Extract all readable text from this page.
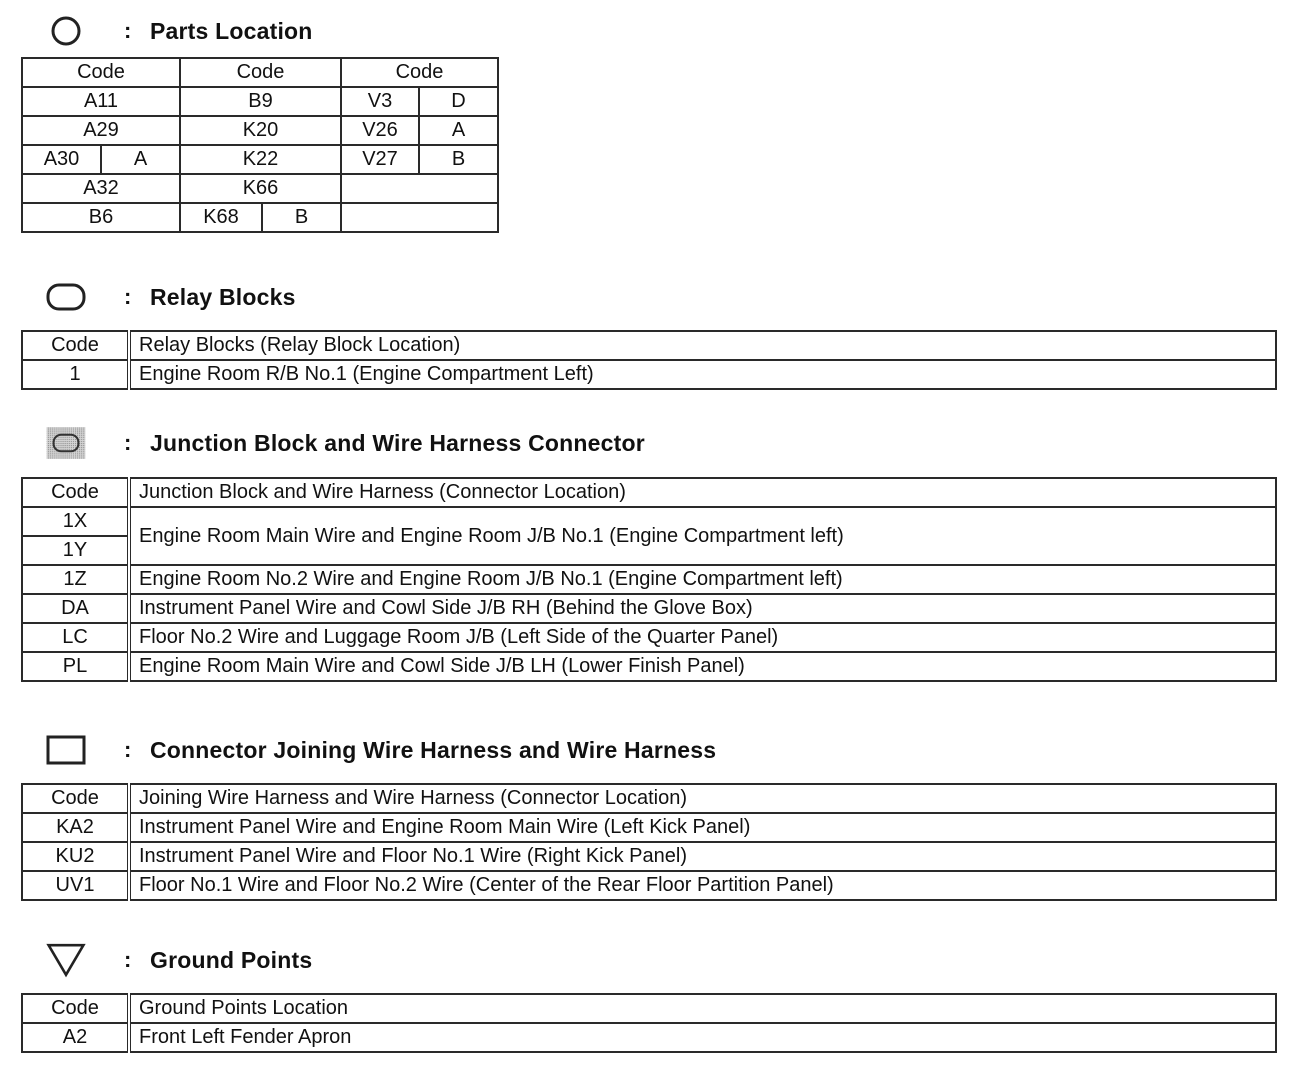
: Parts Location
Code		Code		Code	
A11		B9		V3	D
A29		K20		V26	A
A30	A	K22		V27	B
A32		K66			
B6		K68	B		
: Relay Blocks
Code	Relay Blocks (Relay Block Location)
1	Engine Room R/B No.1 (Engine Compartment Left)
: Junction Block and Wire Harness Connector
Code	Junction Block and Wire Harness (Connector Location)
1X	Engine Room Main Wire and Engine Room J/B No.1 (Engine Compartment left)
1Y	
1Z	Engine Room No.2 Wire and Engine Room J/B No.1 (Engine Compartment left)
DA	Instrument Panel Wire and Cowl Side J/B RH (Behind the Glove Box)
LC	Floor No.2 Wire and Luggage Room J/B (Left Side of the Quarter Panel)
PL	Engine Room Main Wire and Cowl Side J/B LH (Lower Finish Panel)
: Connector Joining Wire Harness and Wire Harness
Code	Joining Wire Harness and Wire Harness (Connector Location)
KA2	Instrument Panel Wire and Engine Room Main Wire (Left Kick Panel)
KU2	Instrument Panel Wire and Floor No.1 Wire (Right Kick Panel)
UV1	Floor No.1 Wire and Floor No.2 Wire (Center of the Rear Floor Partition Panel)
: Ground Points
Code	Ground Points Location
A2	Front Left Fender Apron
